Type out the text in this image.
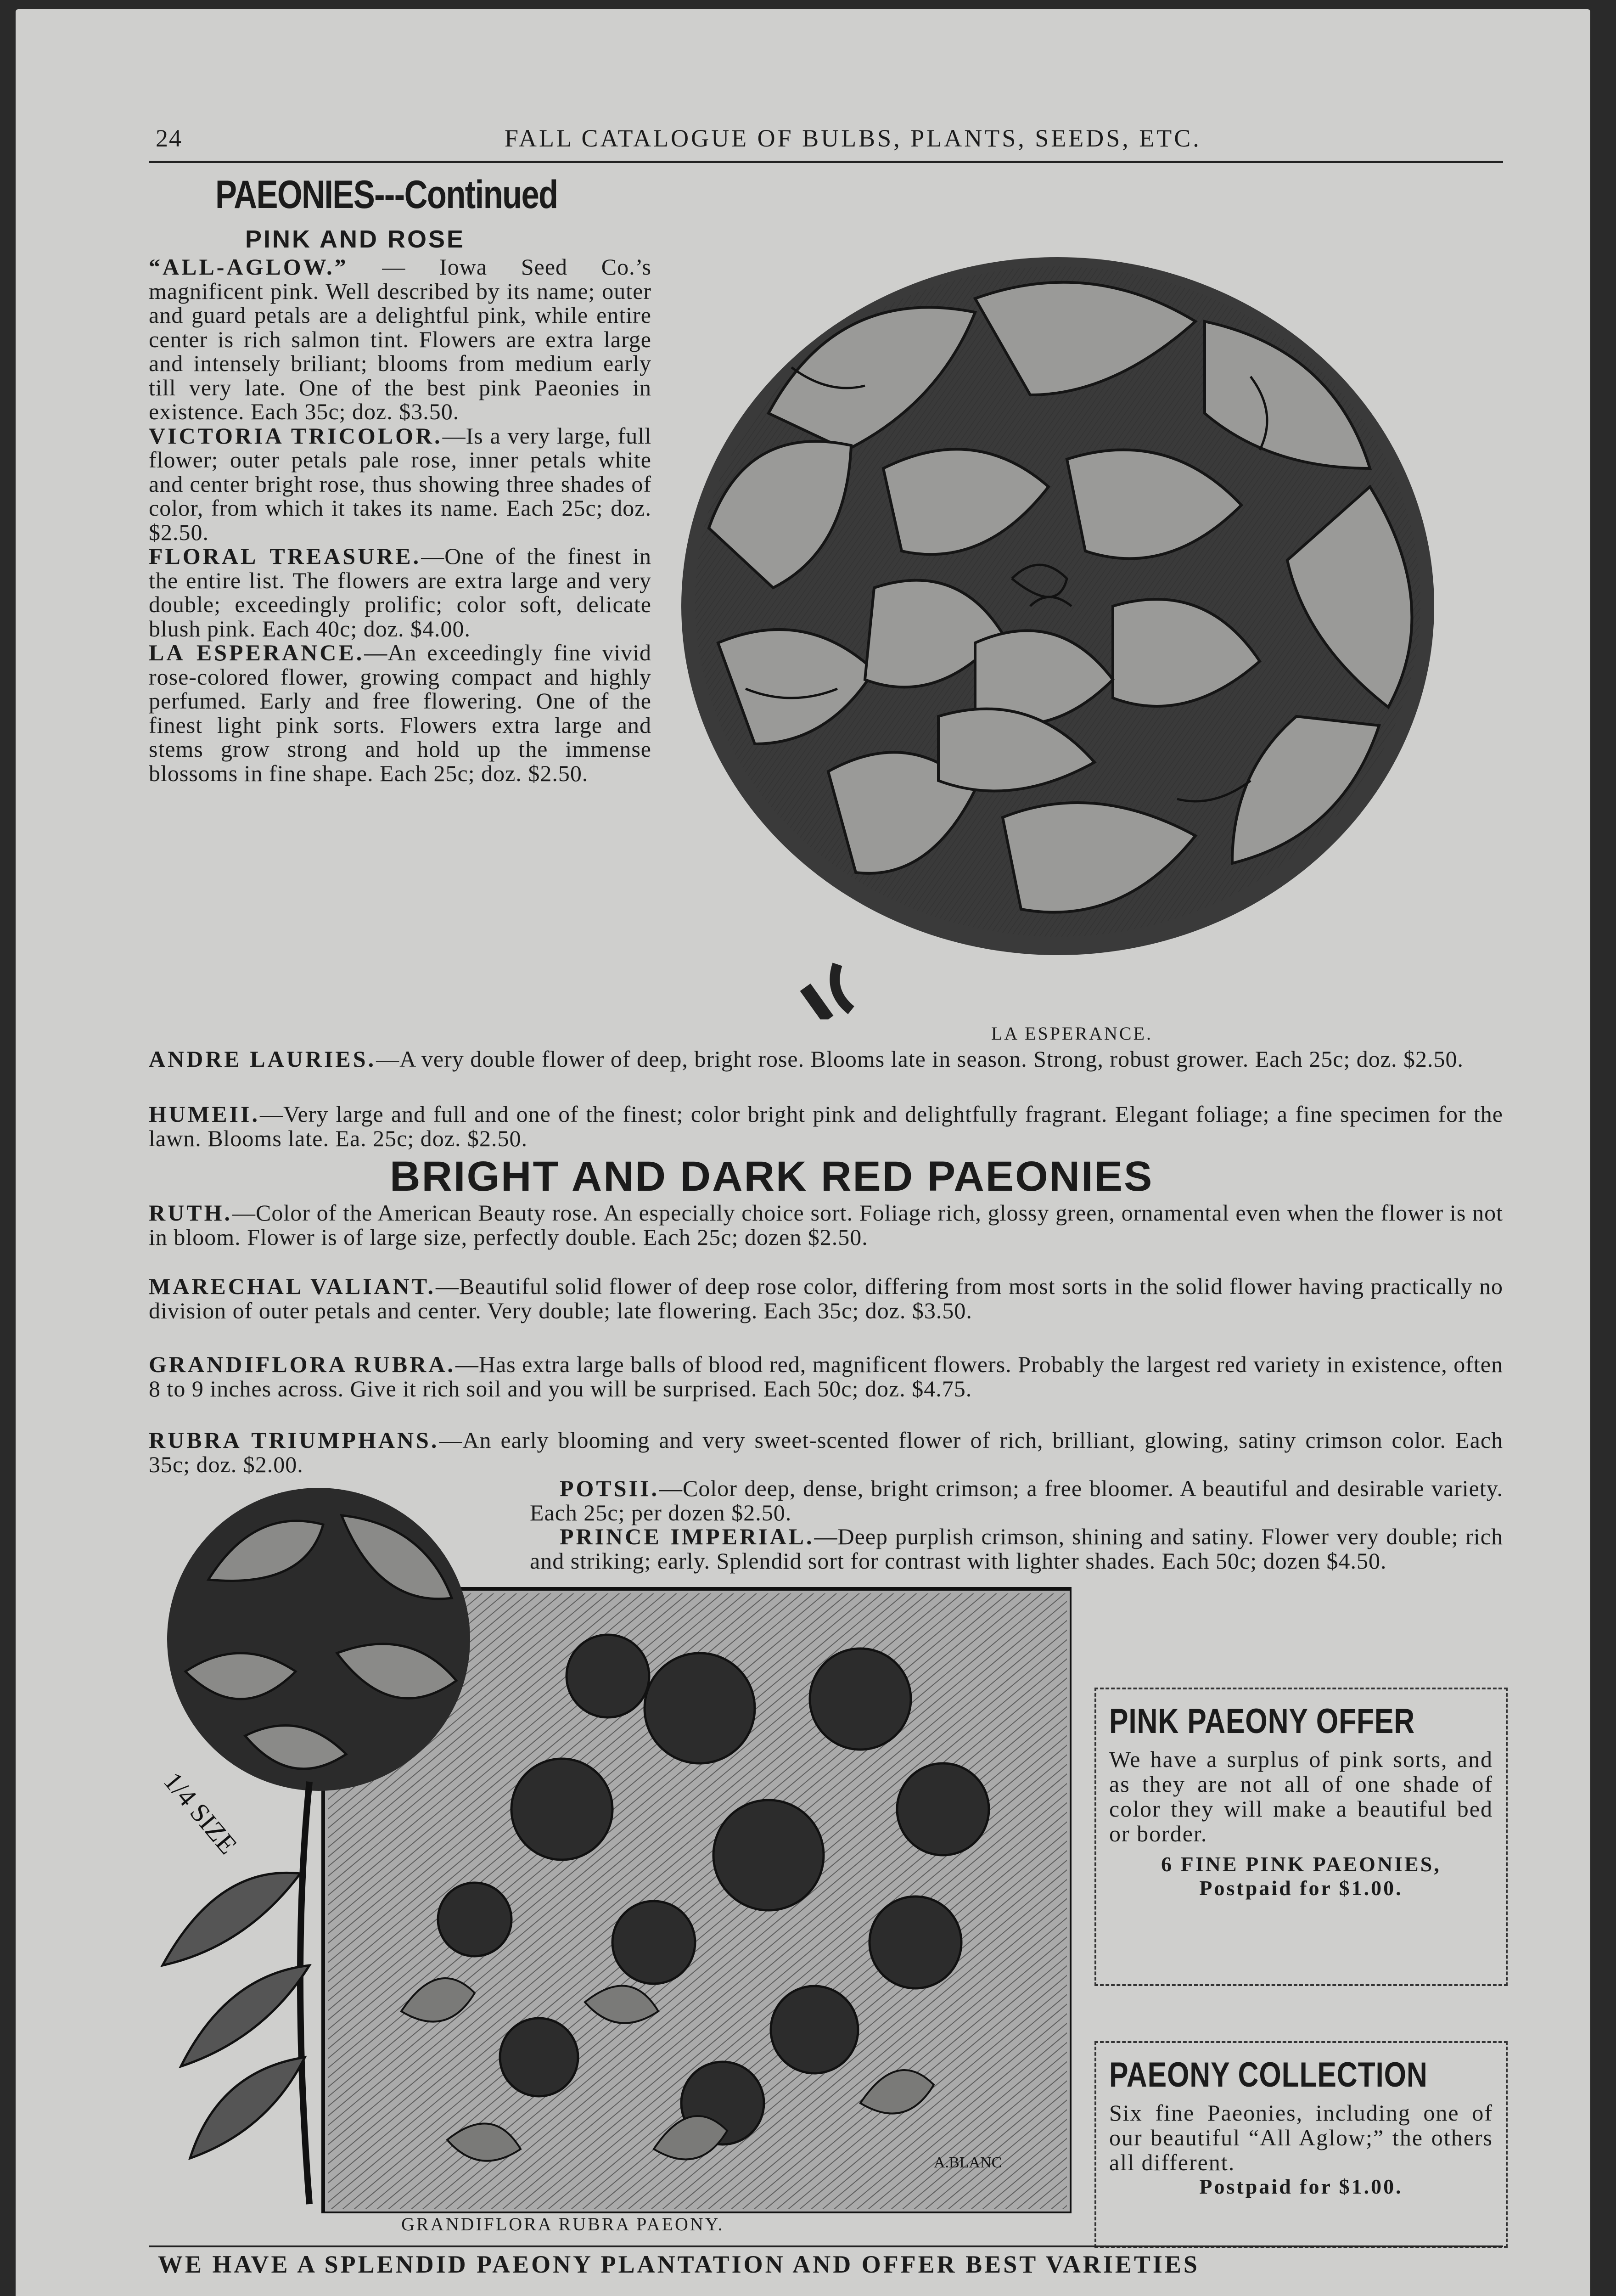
24	FALL CATALOGUE OF BULBS, PLANTS, SEEDS, ETC.
PAEONIES---Continued
PINK AND ROSE

“ALL-AGLOW.” — Iowa Seed Co.’s magnificent pink. Well described by its name; outer and guard petals are a delightful pink, while entire center is rich salmon tint. Flowers are extra large and intensely briliant; blooms from medium early till very late. One of the best pink Paeonies in existence. Each 35c; doz. $3.50.

VICTORIA TRICOLOR.—Is a very large, full flower; outer petals pale rose, inner petals white and center bright rose, thus showing three shades of color, from which it takes its name. Each 25c; doz. $2.50.

FLORAL TREASURE.—One of the finest in the entire list. The flowers are extra large and very double; exceedingly prolific; color soft, delicate blush pink. Each 40c; doz. $4.00.

LA ESPERANCE.—An exceedingly fine vivid rose-colored flower, growing compact and highly perfumed. Early and free flowering. One of the finest light pink sorts. Flowers extra large and stems grow strong and hold up the immense blossoms in fine shape. Each 25c; doz. $2.50.

LA ESPERANCE.
ANDRE LAURIES.—A very double flower of deep, bright rose. Blooms late in season. Strong, robust grower. Each 25c; doz. $2.50.
HUMEII.—Very large and full and one of the finest; color bright pink and delightfully fragrant. Elegant foliage; a fine specimen for the lawn. Blooms late. Ea. 25c; doz. $2.50.
BRIGHT AND DARK RED PAEONIES
RUTH.—Color of the American Beauty rose. An especially choice sort. Foliage rich, glossy green, ornamental even when the flower is not in bloom. Flower is of large size, perfectly double. Each 25c; dozen $2.50.
MARECHAL VALIANT.—Beautiful solid flower of deep rose color, differing from most sorts in the solid flower having practically no division of outer petals and center. Very double; late flowering. Each 35c; doz. $3.50.
GRANDIFLORA RUBRA.—Has extra large balls of blood red, magnificent flowers. Probably the largest red variety in existence, often 8 to 9 inches across. Give it rich soil and you will be surprised. Each 50c; doz. $4.75.
RUBRA TRIUMPHANS.—An early blooming and very sweet-scented flower of rich, brilliant, glowing, satiny crimson color. Each 35c; doz. $2.00.

POTSII.—Color deep, dense, bright crimson; a free bloomer. A beautiful and desirable variety. Each 25c; per dozen $2.50.

PRINCE IMPERIAL.—Deep purplish crimson, shining and satiny. Flower very double; rich and striking; early. Splendid sort for contrast with lighter shades. Each 50c; dozen $4.50.

1/4 SIZE
A.BLANC
GRANDIFLORA RUBRA PAEONY.
PINK PAEONY OFFER
We have a surplus of pink sorts, and as they are not all of one shade of color they will make a beautiful bed or border.
6 FINE PINK PAEONIES,
Postpaid for $1.00.
PAEONY COLLECTION
Six fine Paeonies, including one of our beautiful “All Aglow;” the others all different.
Postpaid for $1.00.
WE HAVE A SPLENDID PAEONY PLANTATION AND OFFER BEST VARIETIES
